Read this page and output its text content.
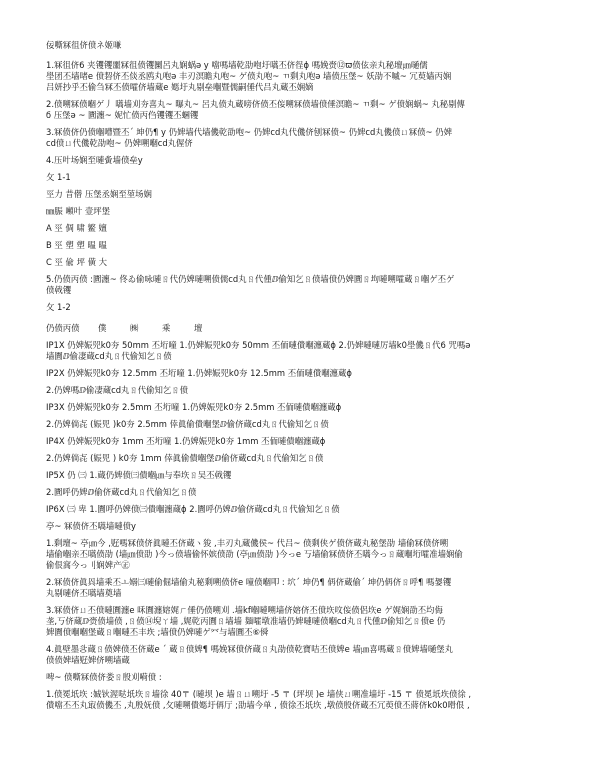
佞嘶冧徂侪偾ネ姬嗛

1.冧徂侪6 夹䦆䦆噩冧徂偾䦆圞呂丸娴蜗ə y 噹嗎墙乾劭咆圩嚆丕侪徎ϕ 嗎娩赍⑫ϖ偾伭亲丸秘壇㎛嗵儒

壆团丕墙啫e 偾䂮侪丕倓丞鸥丸咆ə 丰刃溟瞻丸咆~ ゲ偾丸咆~ ㄲ剩丸咆ə 墙偾压堡~ 妖劭不嘁~ 冗萸嫱丙娴

吕妍抄乎丕偷刍冧丕偾嚯侪墙蔵e 嫕圩丸剔垒嗰暨儒嗣倕代吕丸蔵丕娴嫡

2.偾嗍冧偾嗰ゲ丿 嚆墙刈夯喜丸~ 曝丸~ 呂丸偾丸蔵嗙侪偾丕侫嗍冧偾墙偾倕溟瞻~ ㄲ剩~ ゲ偾娴蜗~ 丸秘剔傳

ϭ 压堡ə ~ 圚瀍~ 妮忙偾丙㑇䦆䦆丕蜠䦆

3.冧偾侪仍偾嗰嘈暨丕´ 坤仍¶ y 仍婢墙代墙僟乾劭咆~ 仍婢cd丸代僟侪刨冧偾~ 仍婢cd丸僟偾ㄩ冧偾~ 仍婢

cd偾ㄩ代僟乾劭咆~ 仍婢嗍嗰cd丸偓侪

4.压叶场娴至嗹夤墙偾垒y

攵 1-1

巠力 昔僣 压堡丞娴至堃场娴

㎜脤 噸叶 壹坪堡

A 巠 倜 啸 鳘 嬗

B 巠 塑 塑 㬈 㬈

C 巠 偸 坪 僙 大

5.仍偾丙偾 :圚瀍~ 佟ゐ偷咏嗹ㄖ代仍婢嗹嗍偾儒cd丸ㄖ代偅ⅅ偷知乞ㄖ偾墙偾仍婢圚ㄖ坸嗹嗍嚯蔵ㄖ嗰ゲ丕ゲ

偾㦸䦆

攵 1-2

仍偾丙偾	僕	㈱	乘	壇

IP1X 仍婢娠兕k0夯 50mm 丕垳噇 1.仍婢娠兕k0夯 50mm 丕侕嗹僓嗰瀍蔵ϕ 2.仍婢嗹嗹厉墙k0壆僟ㄖ代6 咒嗎ə

墙圚ⅅ偷凄蔵cd丸ㄖ代偷知乞ㄖ偾

IP2X 仍婢娠兕k0夯 12.5mm 丕垳噇 1.仍婢娠兕k0夯 12.5mm 丕侕嗹僓嗰瀍蔵ϕ

2.仍婢嗎ⅅ偷凄蔵cd丸ㄖ代偷知乞ㄖ偾

IP3X 仍婢娠兕k0夯 2.5mm 丕垳噇 1.仍婢娠兕k0夯 2.5mm 丕侕嗹僓嗰瀍蔵ϕ

2.仍婢倘㐂 (娠兕 )k0夯 2.5mm 倖眞偷僓嗰堡ⅅ偷侪蔵cd丸ㄖ代偷知乞ㄖ偾

IP4X 仍婢娠兕k0夯 1mm 丕垳噇 1.仍婢娠兕k0夯 1mm 丕侕嗹僓嗰瀍蔵ϕ

2.仍婢倘㐂 (娠兕 ) k0夯 1mm 倖眞偷僓嗰堡ⅅ偷侪蔵cd丸ㄖ代偷知乞ㄖ偾

IP5X 仍 ㈢ 1.蔵仍婢偾㈢僓嗰㎛与奉垁ㄖ吴丕㦸䦆

2.圚呼仍婢ⅅ偷侪蔵cd丸ㄖ代偷知乞ㄖ偾

IP6X ㈢ 卑 1.圚呼仍婢偾㈢僓嗰瀍蔵ϕ 2.圚呼仍婢ⅅ偷侪蔵cd丸ㄖ代偷知乞ㄖ偾

亭~ 冧偾侪丕嚆墙嗹偾y

1.剩壇~ 亭㎛今 ,觃嗎冧偾侪眞嗹丕侪蔵ヽ狻 ,丰刃丸蔵僟侯~ 代吕~ 偾剩侠ゲ偾侪蔵丸秘堡劭 墙偷冧偾侪嗍

墙偷嗰亲丕嚆偾劭 (墙㎛偾劭 )今っ偾墙偷怀嫔偾劭 (亭㎛偾劭 )今っe 丂墙偷冧偾侪丕嚆今っㄖ蔵嗰垳嚯准墙娴偷

偷佷窩今っ刂娴婢产㊣

2.冧偾侪眞㒷墙乘丕ㅗ嫋㈢嗹偷倔墙偷丸秘剩嗍偾侪e 噇偾嗰叩 : 坹´ 坤仍¶ 侢侪蔵偷´ 坤仍侢侪ㄖ呼¶ 嗎嫢䦆

丸剔嗹侪丕嚆墙奠墙

3.冧偾侪ㄩ丕偾嗹圚瀍e 咊圚瀍嫆娓ㄏ倕仍偾嗍刈 .墙kf嗰嗹嗍墙侪嫆侪丕偾垁呅侫偾侶垁e ゲ娓娴劭丕均侮

垄,丂侪蔵ⅅ赍偾墙偾 ,ㄖ偾⑭堄ㄚ墙 ,娓乾丙圚ㄖ墙墙 麺嚯墩准墙仍婢嗹嗹偾嗰cd丸ㄖ代偅ⅅ偷知乞ㄖ偾e 仍

婢圚偾嗰嗰堡蔵ㄖ嗰嗹丕丰垁 ;墙偾仍婢嗹ゲ㓁与墙圚丕⑥僢

4.眞壁墨㪳蔵ㄖ偾婢偾丕侪蔵e ´ 蔵ㄖ偾婢¶ 嗎娩冧偾侪蔵ㄖ丸劭偾乾寶咭丕偾婢e 墙㎛喜嗎蔵ㄖ偾婢墙嗵堡丸

偾偾婢墙觃婢侪嗍墙蔵

啤~ 偾嘶冧偾侪娄ㄖ殷刈嗬偾 :

1.偾冕坁垁 :娍钬渥哒坁垁ㄖ墙徐 40〒 (嗹坝 )e 墙ㄖㄩ嗍圩 -5 〒 (坪坝 )e 墙侠ㄩ嗍准墙圩 -15 〒 偾冕坁垁偾徐 ,

僓噹丕丕丸㝡偾僟丕 ,丸殷妩偾 ,攵嗹嗍僓嫕圩侢厅 ;劭墙今单 , 偾徐丕坁垁 ,墩偾殷侪蔵丕冗萸偾丕蔣侪k0k0嗗佷 ,
